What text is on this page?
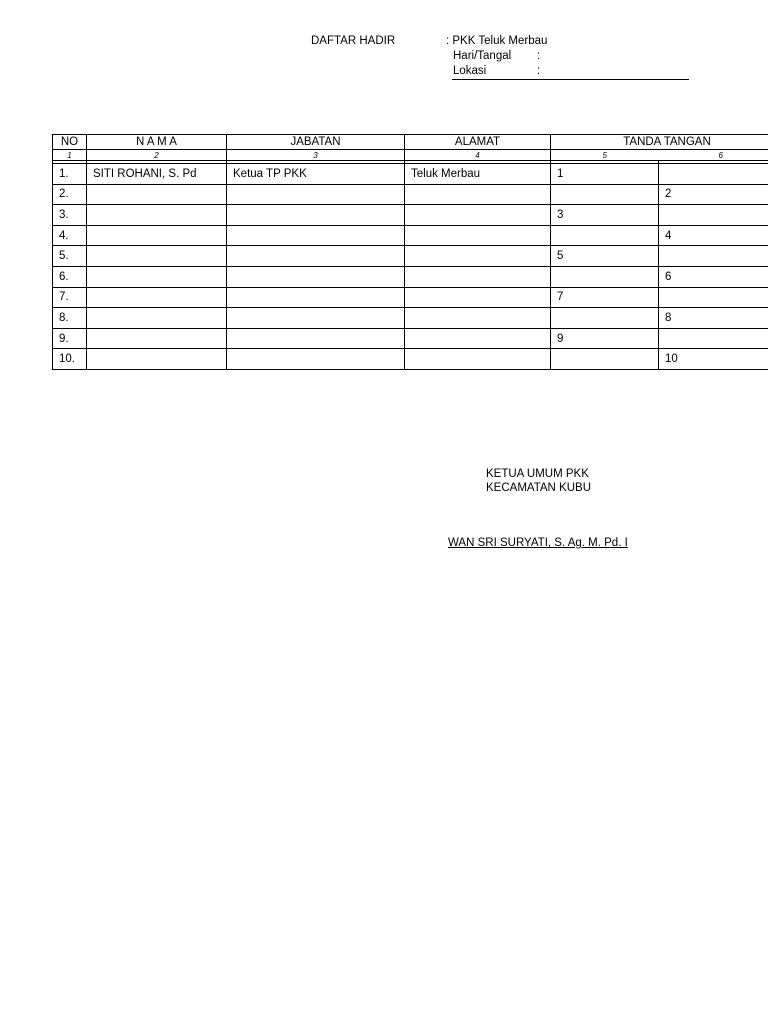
DAFTAR HADIR	: PKK Teluk Merbau
Hari/Tangal :
Lokasi	:
NO	N A M A	JABATAN	ALAMAT	TANDA TANGAN	
1	2	3	4	5	6

1.	SITI ROHANI, S. Pd	Ketua TP PKK	Teluk Merbau	1	
2.					2
3.				3	
4.					4
5.				5	
6.					6
7.				7	
8.					8
9.				9	
10.					10
KETUA UMUM PKK
KECAMATAN KUBU
WAN SRI SURYATI, S. Ag. M. Pd. I
